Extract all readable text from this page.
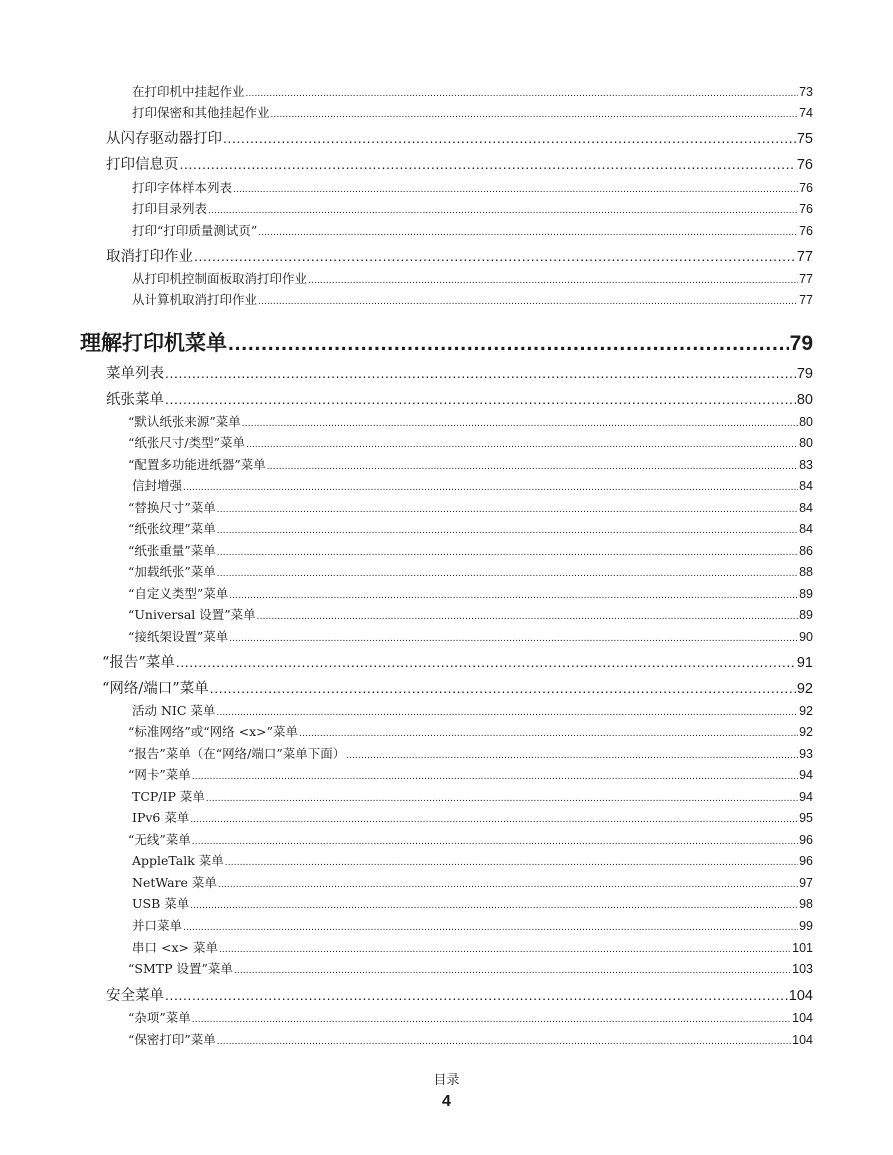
在打印机中挂起作业 .....	73
打印保密和其他挂起作业 .....	74
从闪存驱动器打印 .....	75
打印信息页 .....	76
打印字体样本列表 .....	76
打印目录列表 .....	76
打印“打印质量测试页” .....	76
取消打印作业 .....	77
从打印机控制面板取消打印作业 .....	77
从计算机取消打印作业 .....	77
理解打印机菜单 .....	79
菜单列表 .....	79
纸张菜单 .....	80
“默认纸张来源”菜单 .....	80
“纸张尺寸/类型”菜单 .....	80
“配置多功能进纸器”菜单 .....	83
信封增强 .....	84
“替换尺寸”菜单 .....	84
“纸张纹理”菜单 .....	84
“纸张重量”菜单 .....	86
“加载纸张”菜单 .....	88
“自定义类型”菜单 .....	89
“Universal 设置”菜单 .....	89
“接纸架设置”菜单 .....	90
“报告”菜单 .....	91
“网络/端口”菜单 .....	92
活动 NIC 菜单 .....	92
“标准网络”或“网络 <x>”菜单 .....	92
“报告”菜单（在“网络/端口”菜单下面） .....	93
“网卡”菜单 .....	94
TCP/IP 菜单 .....	94
IPv6 菜单 .....	95
“无线”菜单 .....	96
AppleTalk 菜单 .....	96
NetWare 菜单 .....	97
USB 菜单 .....	98
并口菜单 .....	99
串口 <x> 菜单 .....	101
“SMTP 设置”菜单 .....	103
安全菜单 .....	104
“杂项”菜单 .....	104
“保密打印”菜单 .....	104
目录
4
